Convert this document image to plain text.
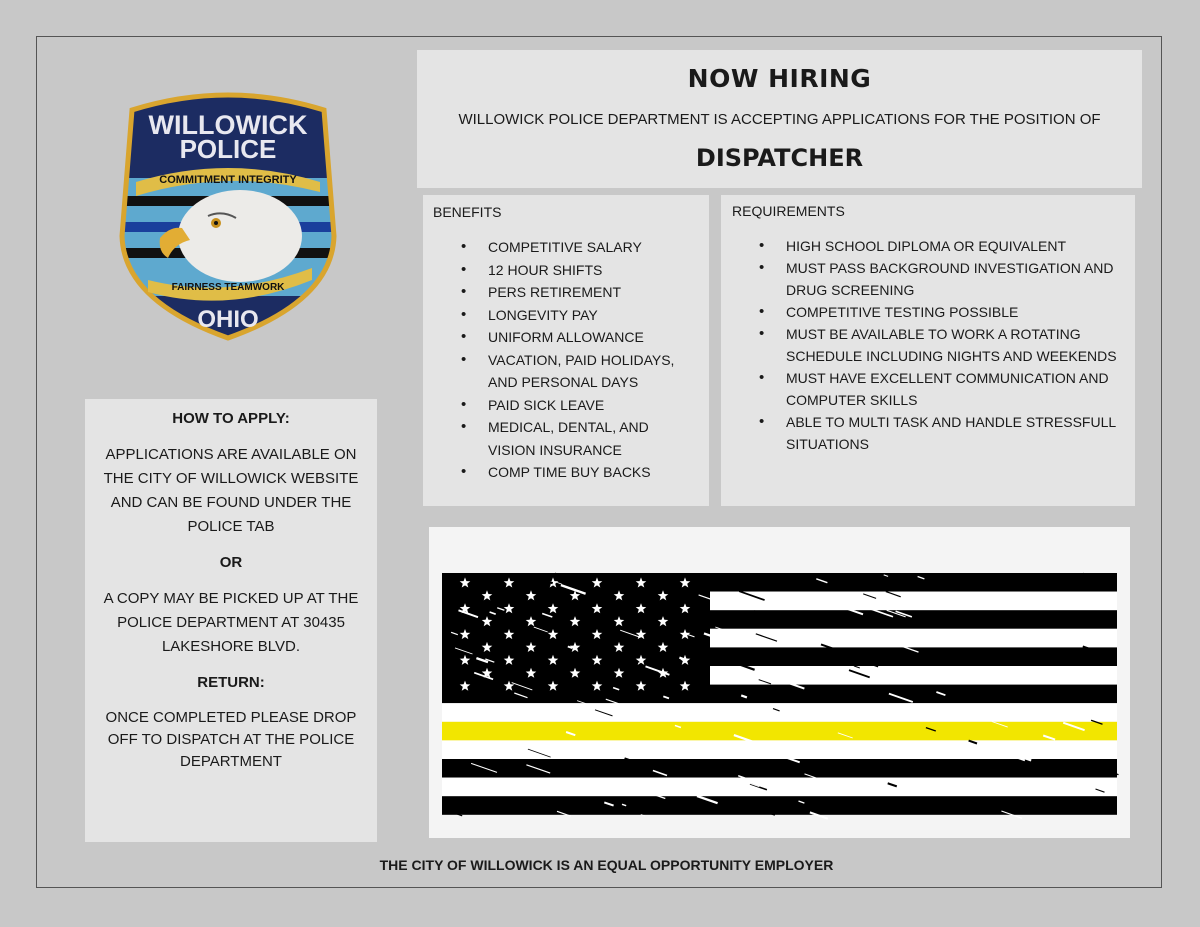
WILLOWICK
POLICE
COMMITMENT INTEGRITY
FAIRNESS TEAMWORK
OHIO
NOW HIRING
WILLOWICK POLICE DEPARTMENT IS ACCEPTING APPLICATIONS FOR THE POSITION OF
DISPATCHER
BENEFITS
• COMPETITIVE SALARY
• 12 HOUR SHIFTS
• PERS RETIREMENT
• LONGEVITY PAY
• UNIFORM ALLOWANCE
• VACATION, PAID HOLIDAYS, AND PERSONAL DAYS
• PAID SICK LEAVE
• MEDICAL, DENTAL, AND VISION INSURANCE
• COMP TIME BUY BACKS
REQUIREMENTS
• HIGH SCHOOL DIPLOMA OR EQUIVALENT
• MUST PASS BACKGROUND INVESTIGATION AND DRUG SCREENING
• COMPETITIVE TESTING POSSIBLE
• MUST BE AVAILABLE TO WORK A ROTATING SCHEDULE INCLUDING NIGHTS AND WEEKENDS
• MUST HAVE EXCELLENT COMMUNICATION AND COMPUTER SKILLS
• ABLE TO MULTI TASK AND HANDLE STRESSFULL SITUATIONS
HOW TO APPLY:

APPLICATIONS ARE AVAILABLE ON THE CITY OF WILLOWICK WEBSITE AND CAN BE FOUND UNDER THE POLICE TAB

OR

A COPY MAY BE PICKED UP AT THE POLICE DEPARTMENT AT 30435 LAKESHORE BLVD.

RETURN:

ONCE COMPLETED PLEASE DROP OFF TO DISPATCH AT THE POLICE DEPARTMENT

THE CITY OF WILLOWICK IS AN EQUAL OPPORTUNITY EMPLOYER
